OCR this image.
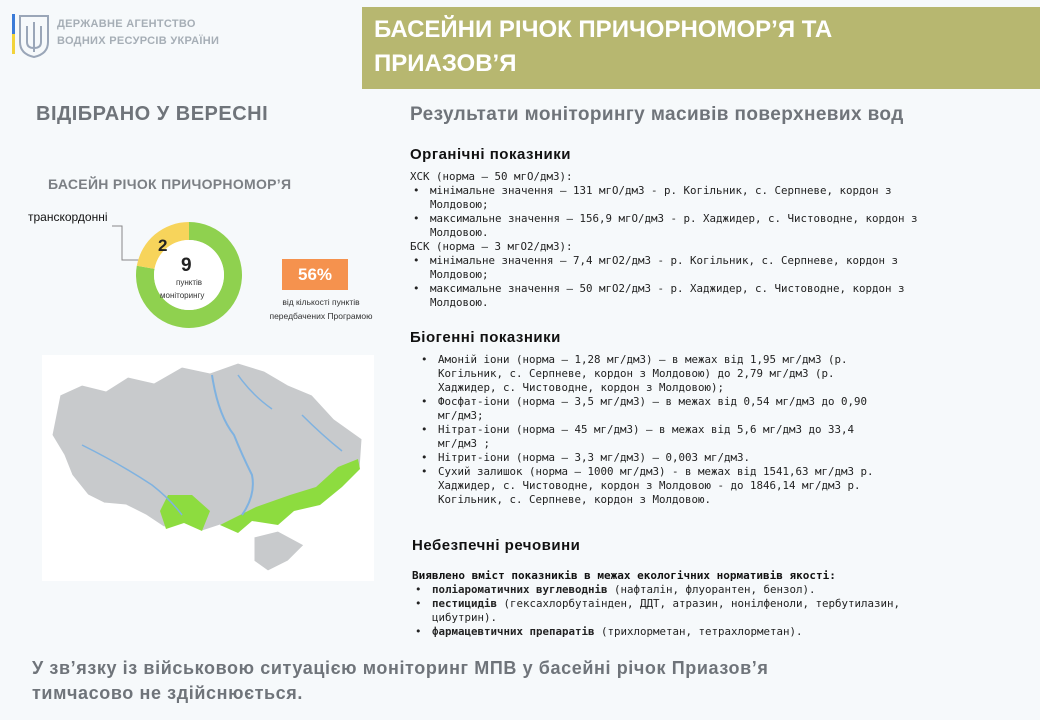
ДЕРЖАВНЕ АГЕНТСТВО
ВОДНИХ РЕСУРСІВ УКРАЇНИ	БАСЕЙНИ РІЧОК ПРИЧОРНОМОР’Я ТА
ПРИАЗОВ’Я
ВІДІБРАНО У ВЕРЕСНІ	Результати моніторингу масивів поверхневих вод
БАСЕЙН РІЧОК ПРИЧОРНОМОР’Я
транскордонні
2
9
пунктів
моніторингу
56%
від кількості пунктів
передбачених Програмою
Органічні показники
ХСК (норма – 50 мгО/дм3):
• мінімальне значення – 131 мгО/дм3 - р. Когільник, с. Серпневе, кордон з
Молдовою;
• максимальне значення – 156,9 мгО/дм3 - р. Хаджидер, с. Чистоводне, кордон з
Молдовою.
БСК (норма – 3 мгО2/дм3):
• мінімальне значення – 7,4 мгО2/дм3 - р. Когільник, с. Серпневе, кордон з
Молдовою;
• максимальне значення – 50 мгО2/дм3 - р. Хаджидер, с. Чистоводне, кордон з
Молдовою.
Біогенні показники
• Амоній іони (норма – 1,28 мг/дм3) – в межах від 1,95 мг/дм3 (р.
Когільник, с. Серпневе, кордон з Молдовою) до 2,79 мг/дм3 (р.
Хаджидер, с. Чистоводне, кордон з Молдовою);
• Фосфат-іони (норма – 3,5 мг/дм3) – в межах від 0,54 мг/дм3 до 0,90
мг/дм3;
• Нітрат-іони (норма – 45 мг/дм3) – в межах від 5,6 мг/дм3 до 33,4
мг/дм3 ;
• Нітрит-іони (норма – 3,3 мг/дм3) – 0,003 мг/дм3.
• Сухий залишок (норма – 1000 мг/дм3) - в межах від 1541,63 мг/дм3 р.
Хаджидер, с. Чистоводне, кордон з Молдовою - до 1846,14 мг/дм3 р.
Когільник, с. Серпневе, кордон з Молдовою.
Небезпечні речовини
Виявлено вміст показників в межах екологічних нормативів якості:
• поліароматичних вуглеводнів (нафталін, флуорантен, бензол).
• пестицидів (гексахлорбутаінден, ДДТ, атразин, нонілфеноли, тербутилазин,
цибутрин).
• фармацевтичних препаратів (трихлорметан, тетрахлорметан).
У зв’язку із військовою ситуацією моніторинг МПВ у басейні річок Приазов’я
тимчасово не здійснюється.
